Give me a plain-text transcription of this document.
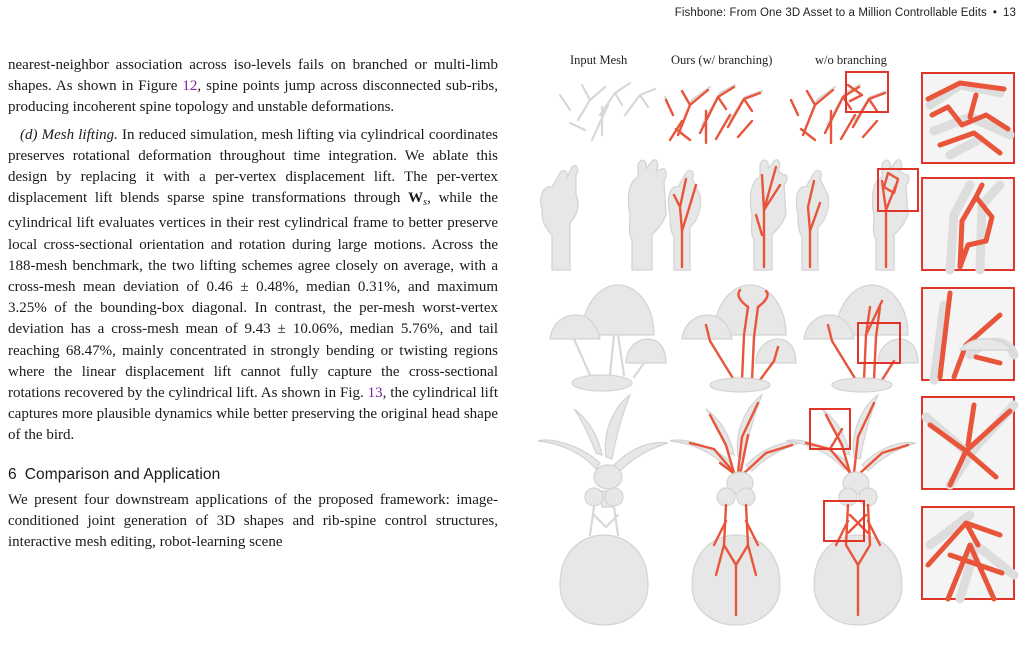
Fishbone: From One 3D Asset to a Million Controllable Edits • 13

nearest-neighbor association across iso-levels fails on branched or multi-limb shapes. As shown in Figure 12, spine points jump across disconnected sub-ribs, producing incoherent spine topology and unstable deformations.

(d) Mesh lifting. In reduced simulation, mesh lifting via cylindrical coordinates preserves rotational deformation throughout time integration. We ablate this design by replacing it with a per-vertex displacement lift. The per-vertex displacement lift blends sparse spine transformations through $W_s$, while the cylindrical lift evaluates vertices in their rest cylindrical frame to better preserve local cross-sectional orientation and rotation during large motions. Across the 188-mesh benchmark, the two lifting schemes agree closely on average, with a cross-mesh mean deviation of 0.46 ± 0.48%, median 0.31%, and maximum 3.25% of the bounding-box diagonal. In contrast, the per-mesh worst-vertex deviation has a cross-mesh mean of 9.43 ± 10.06%, median 5.76%, and tail reaching 68.47%, mainly concentrated in strongly bending or twisting regions where the linear displacement lift cannot fully capture the cross-sectional rotations recovered by the cylindrical lift. As shown in Fig. 13, the cylindrical lift captures more plausible dynamics while better preserving the original head shape of the bird.

6 Comparison and Application

We present four downstream applications of the proposed framework: image-conditioned joint generation of 3D shapes and rib-spine control structures, interactive mesh editing, robot-learning scene

Input Mesh	Ours (w/ branching)	w/o branching
